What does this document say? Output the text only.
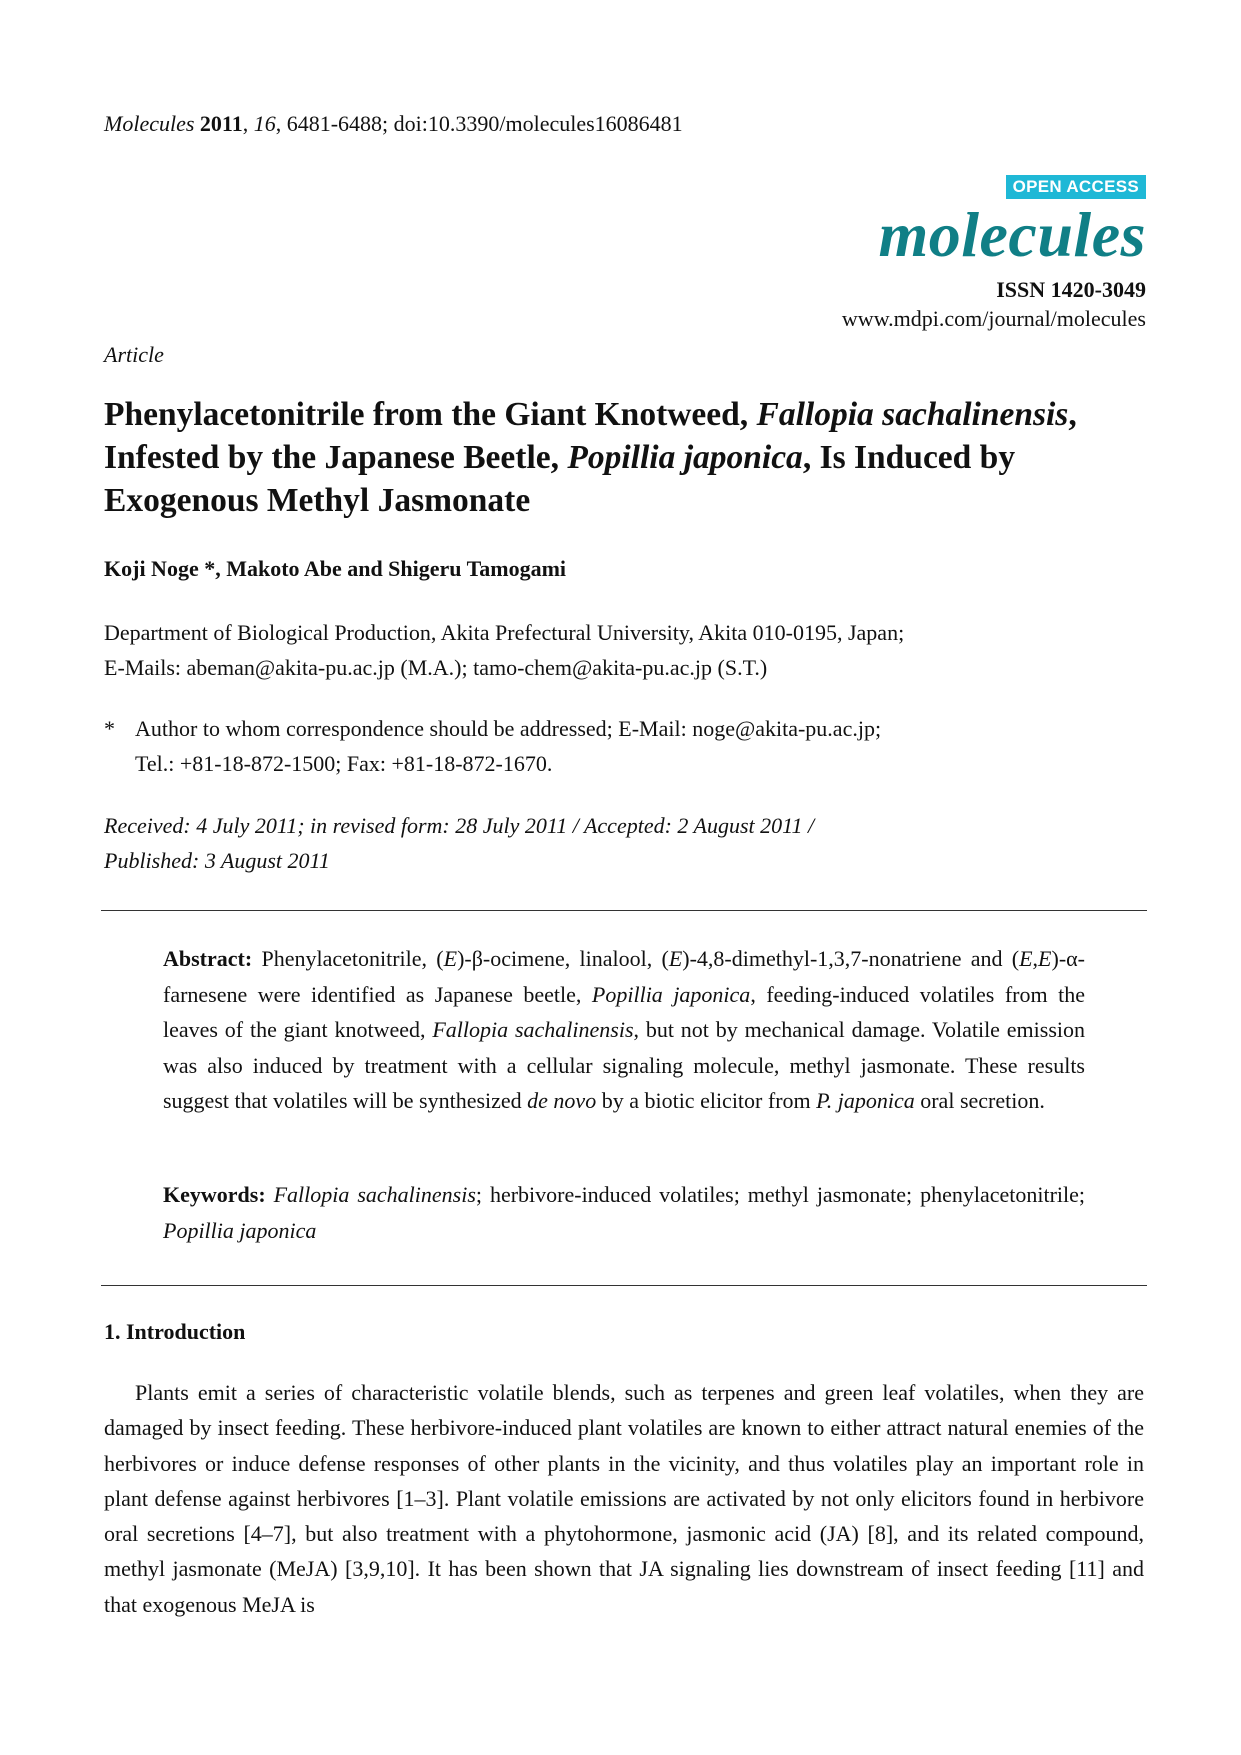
Molecules 2011, 16, 6481-6488; doi:10.3390/molecules16086481
OPEN ACCESS
molecules
ISSN 1420-3049
www.mdpi.com/journal/molecules
Article
Phenylacetonitrile from the Giant Knotweed, Fallopia sachalinensis, Infested by the Japanese Beetle, Popillia japonica, Is Induced by Exogenous Methyl Jasmonate
Koji Noge *, Makoto Abe and Shigeru Tamogami
Department of Biological Production, Akita Prefectural University, Akita 010-0195, Japan;
E-Mails: abeman@akita-pu.ac.jp (M.A.); tamo-chem@akita-pu.ac.jp (S.T.)
* Author to whom correspondence should be addressed; E-Mail: noge@akita-pu.ac.jp;
Tel.: +81-18-872-1500; Fax: +81-18-872-1670.
Received: 4 July 2011; in revised form: 28 July 2011 / Accepted: 2 August 2011 /
Published: 3 August 2011
Abstract: Phenylacetonitrile, (E)-β-ocimene, linalool, (E)-4,8-dimethyl-1,3,7-nonatriene and (E,E)-α-farnesene were identified as Japanese beetle, Popillia japonica, feeding-induced volatiles from the leaves of the giant knotweed, Fallopia sachalinensis, but not by mechanical damage. Volatile emission was also induced by treatment with a cellular signaling molecule, methyl jasmonate. These results suggest that volatiles will be synthesized de novo by a biotic elicitor from P. japonica oral secretion.
Keywords: Fallopia sachalinensis; herbivore-induced volatiles; methyl jasmonate; phenylacetonitrile; Popillia japonica
1. Introduction
Plants emit a series of characteristic volatile blends, such as terpenes and green leaf volatiles, when they are damaged by insect feeding. These herbivore-induced plant volatiles are known to either attract natural enemies of the herbivores or induce defense responses of other plants in the vicinity, and thus volatiles play an important role in plant defense against herbivores [1–3]. Plant volatile emissions are activated by not only elicitors found in herbivore oral secretions [4–7], but also treatment with a phytohormone, jasmonic acid (JA) [8], and its related compound, methyl jasmonate (MeJA) [3,9,10]. It has been shown that JA signaling lies downstream of insect feeding [11] and that exogenous MeJA is
